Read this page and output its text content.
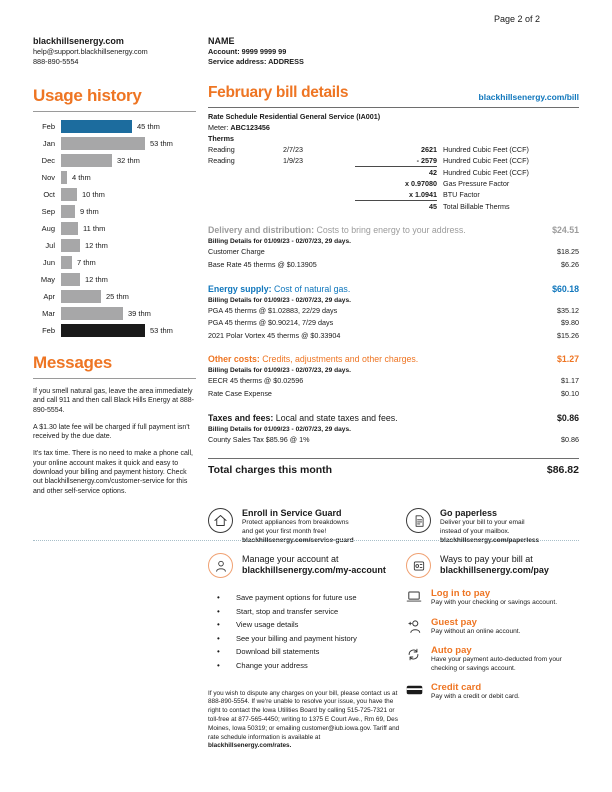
Page 2 of 2
blackhillsenergy.com
help@support.blackhillsenergy.com
888-890-5554
NAME
Account: 9999 9999 99
Service address: ADDRESS
Usage history
Feb	45 thm
Jan	53 thm
Dec	32 thm
Nov 4 thm
Oct	10 thm
Sep	9 thm
Aug	11 thm
Jul	12 thm
Jun	7 thm
May	12 thm
Apr	25 thm
Mar	39 thm
Feb	53 thm
Messages
If you smell natural gas, leave the area immediately and call 911 and then call Black Hills Energy at 888-890-5554.
A $1.30 late fee will be charged if full payment isn't received by the due date.
It's tax time. There is no need to make a phone call, your online account makes it quick and easy to download your billing and payment history. Check out blackhillsenergy.com/customer-service for this and other self-service options.
February bill details	blackhillsenergy.com/bill
Rate Schedule Residential General Service (IA001)
Meter: ABC123456
Therms
Reading	2/7/23	2621 Hundred Cubic Feet (CCF)
Reading	1/9/23	- 2579 Hundred Cubic Feet (CCF)
42 Hundred Cubic Feet (CCF)
x 0.97080 Gas Pressure Factor
x 1.0941 BTU Factor
45 Total Billable Therms
Delivery and distribution: Costs to bring energy to your address.	$24.51
Billing Details for 01/09/23 - 02/07/23, 29 days.
Customer Charge	$18.25
Base Rate 45 therms @ $0.13905	$6.26
Energy supply: Cost of natural gas.	$60.18
Billing Details for 01/09/23 - 02/07/23, 29 days.
PGA 45 therms @ $1.02883, 22/29 days	$35.12
PGA 45 therms @ $0.90214, 7/29 days	$9.80
2021 Polar Vortex 45 therms @ $0.33904	$15.26
Other costs: Credits, adjustments and other charges.	$1.27
Billing Details for 01/09/23 - 02/07/23, 29 days.
EECR 45 therms @ $0.02596	$1.17
Rate Case Expense	$0.10
Taxes and fees: Local and state taxes and fees.	$0.86
Billing Details for 01/09/23 - 02/07/23, 29 days.
County Sales Tax $85.96 @ 1%	$0.86
Total charges this month	$86.82
Enroll in Service Guard
Protect appliances from breakdowns
and get your first month free!
blackhillsenergy.com/service-guard
Go paperless
Deliver your bill to your email
instead of your mailbox.
blackhillsenergy.com/paperless
Manage your account at
blackhillsenergy.com/my-account
• Save payment options for future use
• Start, stop and transfer service
• View usage details
• See your billing and payment history
• Download bill statements
• Change your address
If you wish to dispute any charges on your bill, please contact us at 888-890-5554. If we're unable to resolve your issue, you have the right to contact the Iowa Utilities Board by calling 515-725-7321 or toll-free at 877-565-4450; writing to 1375 E Court Ave., Rm 69, Des Moines, Iowa 50319; or emailing customer@iub.iowa.gov. Tariff and rate schedule information is available at blackhillsenergy.com/rates.
Ways to pay your bill at
blackhillsenergy.com/pay
Log in to pay
Pay with your checking or savings account.
Guest pay
Pay without an online account.
Auto pay
Have your payment auto-deducted from your checking or savings account.
Credit card
Pay with a credit or debit card.
